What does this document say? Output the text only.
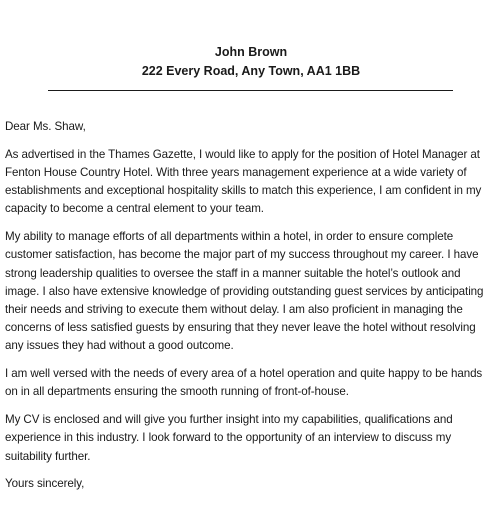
John Brown

222 Every Road, Any Town, AA1 1BB

Dear Ms. Shaw,

As advertised in the Thames Gazette, I would like to apply for the position of Hotel Manager at Fenton House Country Hotel. With three years management experience at a wide variety of establishments and exceptional hospitality skills to match this experience, I am confident in my capacity to become a central element to your team.

My ability to manage efforts of all departments within a hotel, in order to ensure complete customer satisfaction, has become the major part of my success throughout my career. I have strong leadership qualities to oversee the staff in a manner suitable the hotel’s outlook and image. I also have extensive knowledge of providing outstanding guest services by anticipating their needs and striving to execute them without delay. I am also proficient in managing the concerns of less satisfied guests by ensuring that they never leave the hotel without resolving any issues they had without a good outcome.

I am well versed with the needs of every area of a hotel operation and quite happy to be hands on in all departments ensuring the smooth running of front-of-house.

My CV is enclosed and will give you further insight into my capabilities, qualifications and experience in this industry. I look forward to the opportunity of an interview to discuss my suitability further.

Yours sincerely,
